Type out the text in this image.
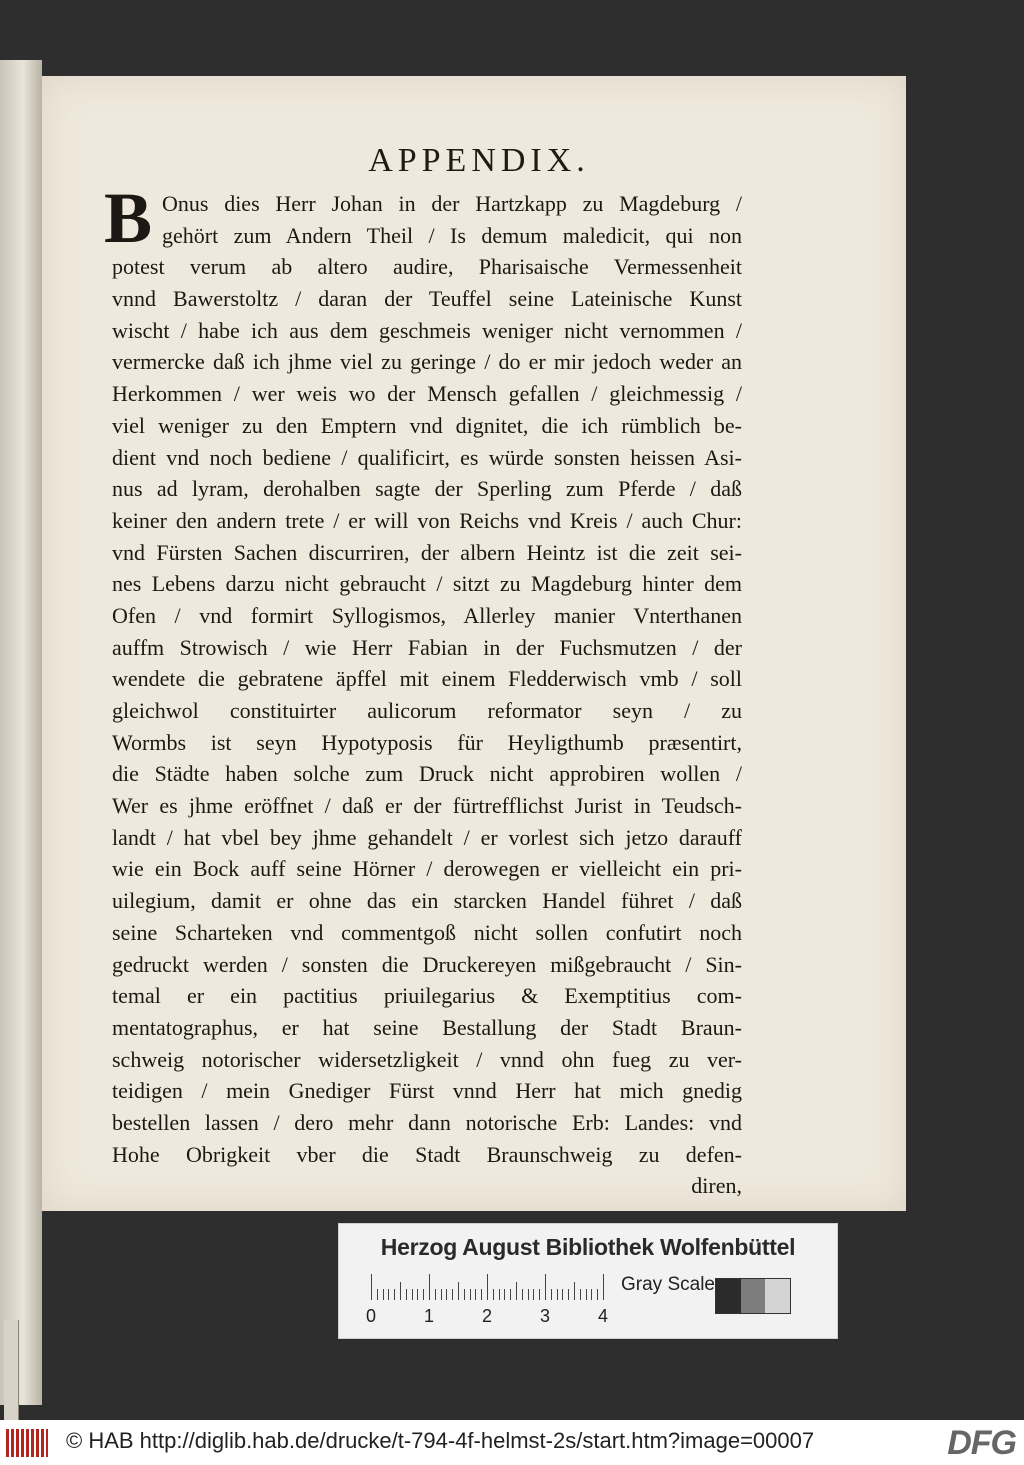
APPENDIX.
B Onus dies Herr Johan in der Hartzkapp zu Magdeburg /
gehört zum Andern Theil / Is demum maledicit, qui non
potest verum ab altero audire, Pharisaische Vermessenheit
vnnd Bawerstoltz / daran der Teuffel seine Lateinische Kunst
wischt / habe ich aus dem geschmeis weniger nicht vernommen /
vermercke daß ich jhme viel zu geringe / do er mir jedoch weder an
Herkommen / wer weis wo der Mensch gefallen / gleichmessig /
viel weniger zu den Emptern vnd dignitet, die ich rümblich be-
dient vnd noch bediene / qualificirt, es würde sonsten heissen Asi-
nus ad lyram, derohalben sagte der Sperling zum Pferde / daß
keiner den andern trete / er will von Reichs vnd Kreis / auch Chur:
vnd Fürsten Sachen discurriren, der albern Heintz ist die zeit sei-
nes Lebens darzu nicht gebraucht / sitzt zu Magdeburg hinter dem
Ofen / vnd formirt Syllogismos, Allerley manier Vnterthanen
auffm Strowisch / wie Herr Fabian in der Fuchsmutzen / der
wendete die gebratene äpffel mit einem Fledderwisch vmb / soll
gleichwol constituirter aulicorum reformator seyn / zu
Wormbs ist seyn Hypotyposis für Heyligthumb præsentirt,
die Städte haben solche zum Druck nicht approbiren wollen /
Wer es jhme eröffnet / daß er der fürtrefflichst Jurist in Teudsch-
landt / hat vbel bey jhme gehandelt / er vorlest sich jetzo darauff
wie ein Bock auff seine Hörner / derowegen er vielleicht ein pri-
uilegium, damit er ohne das ein starcken Handel führet / daß
seine Scharteken vnd commentgoß nicht sollen confutirt noch
gedruckt werden / sonsten die Druckereyen mißgebraucht / Sin-
temal er ein pactitius priuilegarius & Exemptitius com-
mentatographus, er hat seine Bestallung der Stadt Braun-
schweig notorischer widersetzligkeit / vnnd ohn fueg zu ver-
teidigen / mein Gnediger Fürst vnnd Herr hat mich gnedig
bestellen lassen / dero mehr dann notorische Erb: Landes: vnd
Hohe Obrigkeit vber die Stadt Braunschweig zu defen-
diren,
Herzog August Bibliothek Wolfenbüttel
0	1	2	3	4
Gray Scale
© HAB http://diglib.hab.de/drucke/t-794-4f-helmst-2s/start.htm?image=00007	DFG
